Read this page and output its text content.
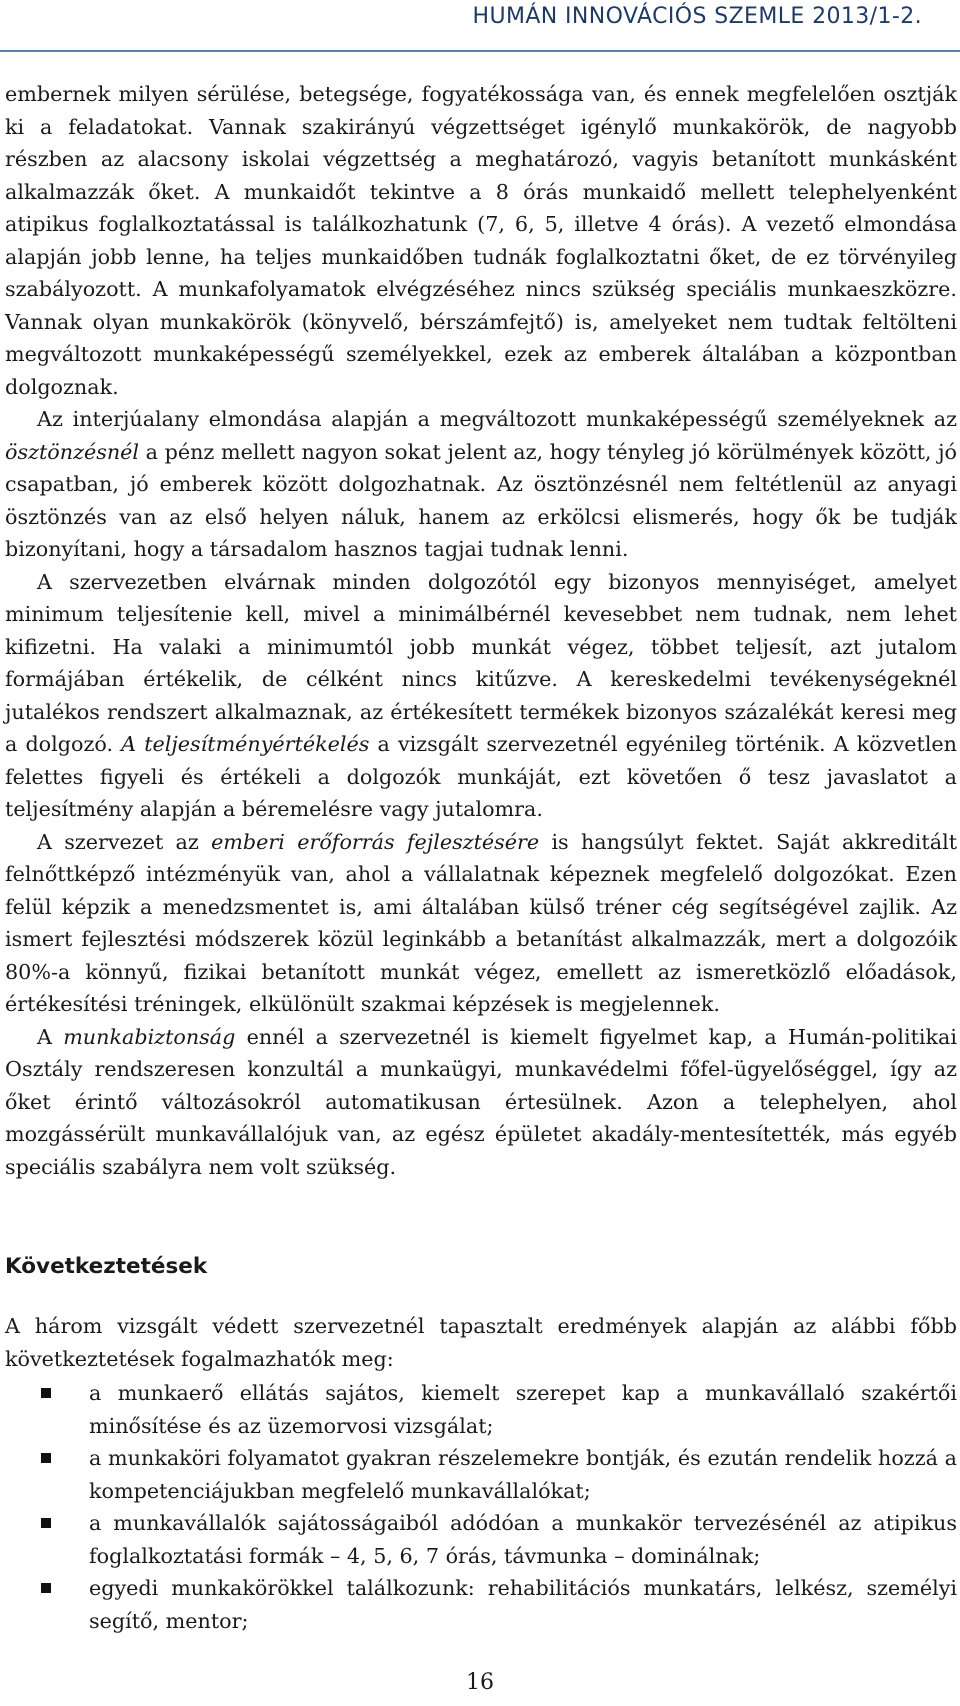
HUMÁN INNOVÁCIÓS SZEMLE 2013/1-2.

embernek milyen sérülése, betegsége, fogyatékossága van, és ennek megfelelően osztják ki a feladatokat. Vannak szakirányú végzettséget igénylő munkakörök, de nagyobb részben az alacsony iskolai végzettség a meghatározó, vagyis betanított munkásként alkalmazzák őket. A munkaidőt tekintve a 8 órás munkaidő mellett telephelyenként atipikus foglalkoztatással is találkozhatunk (7, 6, 5, illetve 4 órás). A vezető elmondása alapján jobb lenne, ha teljes munkaidőben tudnák foglalkoztatni őket, de ez törvényileg szabályozott. A munkafolyamatok elvégzéséhez nincs szükség speciális munkaeszközre. Vannak olyan munkakörök (könyvelő, bérszámfejtő) is, amelyeket nem tudtak feltölteni megváltozott munkaképességű személyekkel, ezek az emberek általában a központban dolgoznak.

Az interjúalany elmondása alapján a megváltozott munkaképességű személyeknek az ösztönzésnél a pénz mellett nagyon sokat jelent az, hogy tényleg jó körülmények között, jó csapatban, jó emberek között dolgozhatnak. Az ösztönzésnél nem feltétlenül az anyagi ösztönzés van az első helyen náluk, hanem az erkölcsi elismerés, hogy ők be tudják bizonyítani, hogy a társadalom hasznos tagjai tudnak lenni.

A szervezetben elvárnak minden dolgozótól egy bizonyos mennyiséget, amelyet minimum teljesítenie kell, mivel a minimálbérnél kevesebbet nem tudnak, nem lehet kifizetni. Ha valaki a minimumtól jobb munkát végez, többet teljesít, azt jutalom formájában értékelik, de célként nincs kitűzve. A kereskedelmi tevékenységeknél jutalékos rendszert alkalmaznak, az értékesített termékek bizonyos százalékát keresi meg a dolgozó. A teljesítményértékelés a vizsgált szervezetnél egyénileg történik. A közvetlen felettes figyeli és értékeli a dolgozók munkáját, ezt követően ő tesz javaslatot a teljesítmény alapján a béremelésre vagy jutalomra.

A szervezet az emberi erőforrás fejlesztésére is hangsúlyt fektet. Saját akkreditált felnőttképző intézményük van, ahol a vállalatnak képeznek megfelelő dolgozókat. Ezen felül képzik a menedzsmentet is, ami általában külső tréner cég segítségével zajlik. Az ismert fejlesztési módszerek közül leginkább a betanítást alkalmazzák, mert a dolgozóik 80%-a könnyű, fizikai betanított munkát végez, emellett az ismeretközlő előadások, értékesítési tréningek, elkülönült szakmai képzések is megjelennek.

A munkabiztonság ennél a szervezetnél is kiemelt figyelmet kap, a Humán-politikai Osztály rendszeresen konzultál a munkaügyi, munkavédelmi főfel-ügyelőséggel, így az őket érintő változásokról automatikusan értesülnek. Azon a telephelyen, ahol mozgássérült munkavállalójuk van, az egész épületet akadály-mentesítették, más egyéb speciális szabályra nem volt szükség.

Következtetések

A három vizsgált védett szervezetnél tapasztalt eredmények alapján az alábbi főbb következtetések fogalmazhatók meg:

a munkaerő ellátás sajátos, kiemelt szerepet kap a munkavállaló szakértői minősítése és az üzemorvosi vizsgálat;
a munkaköri folyamatot gyakran részelemekre bontják, és ezután rendelik hozzá a kompetenciájukban megfelelő munkavállalókat;
a munkavállalók sajátosságaiból adódóan a munkakör tervezésénél az atipikus foglalkoztatási formák – 4, 5, 6, 7 órás, távmunka – dominálnak;
egyedi munkakörökkel találkozunk: rehabilitációs munkatárs, lelkész, személyi segítő, mentor;
16
